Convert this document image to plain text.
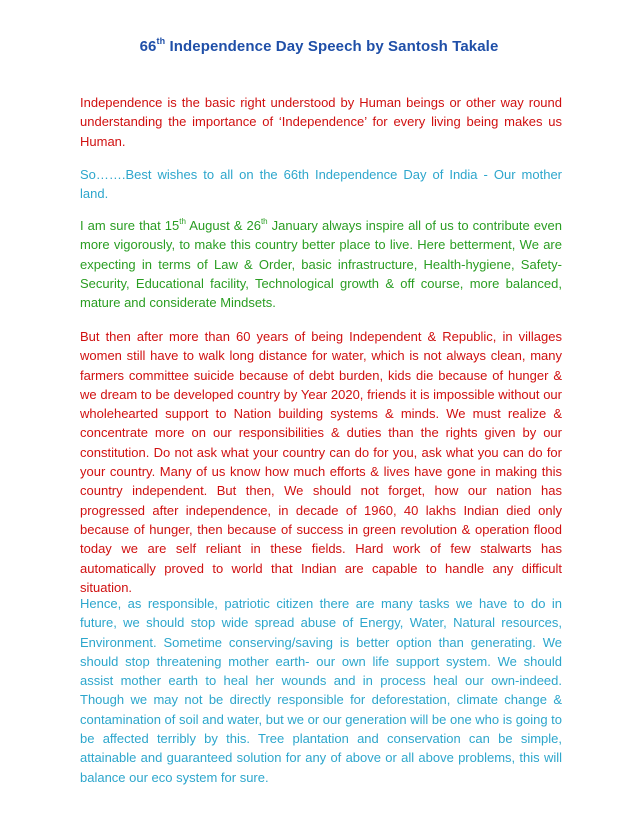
66th Independence Day Speech by Santosh Takale

Independence is the basic right understood by Human beings or other way round understanding the importance of ‘Independence’ for every living being makes us Human.

So…….Best wishes to all on the 66th Independence Day of India - Our mother land.

I am sure that 15th August & 26th January always inspire all of us to contribute even more vigorously, to make this country better place to live. Here betterment, We are expecting in terms of Law & Order, basic infrastructure, Health-hygiene, Safety-Security, Educational facility, Technological growth & off course, more balanced, mature and considerate Mindsets.

But then after more than 60 years of being Independent & Republic, in villages women still have to walk long distance for water, which is not always clean, many farmers committee suicide because of debt burden, kids die because of hunger & we dream to be developed country by Year 2020, friends it is impossible without our wholehearted support to Nation building systems & minds. We must realize & concentrate more on our responsibilities & duties than the rights given by our constitution. Do not ask what your country can do for you, ask what you can do for your country. Many of us know how much efforts & lives have gone in making this country independent. But then, We should not forget, how our nation has progressed after independence, in decade of 1960, 40 lakhs Indian died only because of hunger, then because of success in green revolution & operation flood today we are self reliant in these fields. Hard work of few stalwarts has automatically proved to world that Indian are capable to handle any difficult situation.

Hence, as responsible, patriotic citizen there are many tasks we have to do in future, we should stop wide spread abuse of Energy, Water, Natural resources, Environment. Sometime conserving/saving is better option than generating. We should stop threatening mother earth- our own life support system. We should assist mother earth to heal her wounds and in process heal our own-indeed. Though we may not be directly responsible for deforestation, climate change & contamination of soil and water, but we or our generation will be one who is going to be affected terribly by this. Tree plantation and conservation can be simple, attainable and guaranteed solution for any of above or all above problems, this will balance our eco system for sure.
